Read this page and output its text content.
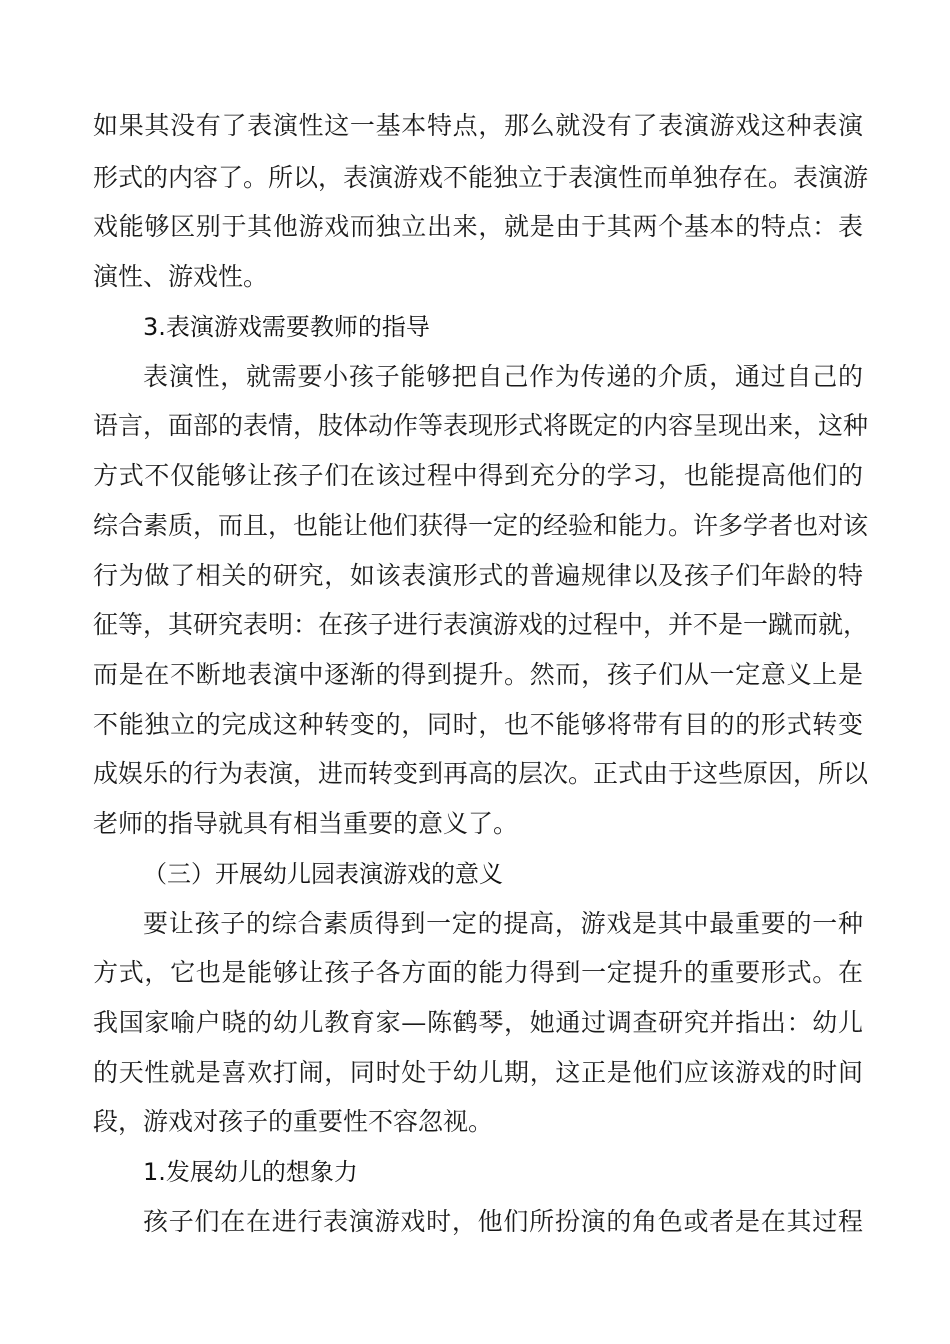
如果其没有了表演性这一基本特点，那么就没有了表演游戏这种表演
形式的内容了。所以，表演游戏不能独立于表演性而单独存在。表演游
戏能够区别于其他游戏而独立出来，就是由于其两个基本的特点：表
演性、游戏性。
3.表演游戏需要教师的指导
表演性，就需要小孩子能够把自己作为传递的介质，通过自己的
语言，面部的表情，肢体动作等表现形式将既定的内容呈现出来，这种
方式不仅能够让孩子们在该过程中得到充分的学习，也能提高他们的
综合素质，而且，也能让他们获得一定的经验和能力。许多学者也对该
行为做了相关的研究，如该表演形式的普遍规律以及孩子们年龄的特
征等，其研究表明：在孩子进行表演游戏的过程中，并不是一蹴而就，
而是在不断地表演中逐渐的得到提升。然而，孩子们从一定意义上是
不能独立的完成这种转变的，同时，也不能够将带有目的的形式转变
成娱乐的行为表演，进而转变到再高的层次。正式由于这些原因，所以
老师的指导就具有相当重要的意义了。
（三）开展幼儿园表演游戏的意义
要让孩子的综合素质得到一定的提高，游戏是其中最重要的一种
方式，它也是能够让孩子各方面的能力得到一定提升的重要形式。在
我国家喻户晓的幼儿教育家—陈鹤琴，她通过调查研究并指出：幼儿
的天性就是喜欢打闹，同时处于幼儿期，这正是他们应该游戏的时间
段，游戏对孩子的重要性不容忽视。
1.发展幼儿的想象力
孩子们在在进行表演游戏时，他们所扮演的角色或者是在其过程
